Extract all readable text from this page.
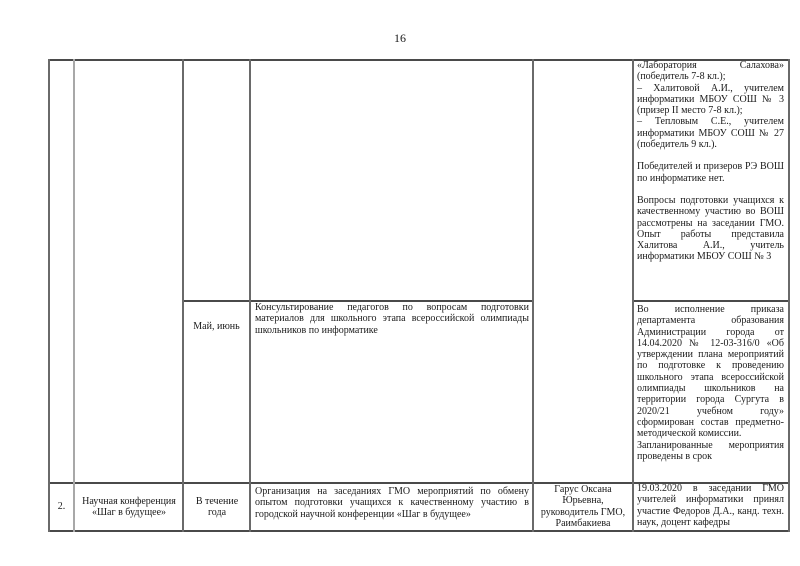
16

«Лаборатория Салахова» (победитель 7-8 кл.);

– Халитовой А.И., учителем информатики МБОУ СОШ № 3 (призер II место 7-8 кл.);

– Тепловым С.Е., учителем информатики МБОУ СОШ № 27 (победитель 9 кл.).

Победителей и призеров РЭ ВОШ по информатике нет.

Вопросы подготовки учащихся к качественному участию во ВОШ рассмотрены на заседании ГМО. Опыт работы представила Халитова А.И., учитель информатики МБОУ СОШ № 3

Май, июнь

Консультирование педагогов по вопросам подготовки материалов для школьного этапа всероссийской олимпиады школьников по информатике

Во исполнение приказа департамента образования Администрации города от 14.04.2020 № 12-03-316/0 «Об утверждении плана мероприятий по подготовке к проведению школьного этапа всероссийской олимпиады школьников на территории города Сургута в 2020/21 учебном году» сформирован состав предметно-методической комиссии.

Запланированные мероприятия проведены в срок

2.
Научная конференция «Шаг в будущее»
В течение года

Организация на заседаниях ГМО мероприятий по обмену опытом подготовки учащихся к качественному участию в городской научной конференции «Шаг в будущее»

Гарус Оксана Юрьевна, руководитель ГМО, Раимбакиева

19.03.2020 в заседании ГМО учителей информатики принял участие Федоров Д.А., канд. техн. наук, доцент кафедры
